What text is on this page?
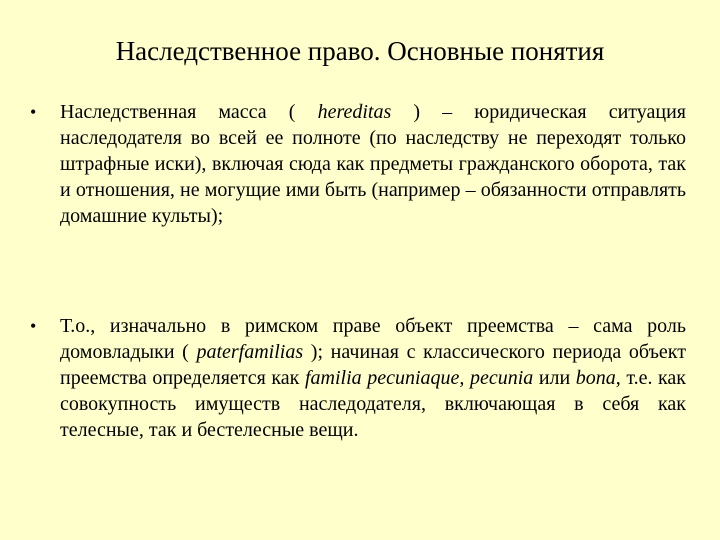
Наследственное право. Основные понятия
•	Наследственная масса ( hereditas ) – юридическая ситуация наследодателя во всей ее полноте (по наследству не переходят только штрафные иски), включая сюда как предметы гражданского оборота, так и отношения, не могущие ими быть (например – обязанности отправлять домашние культы);
•	Т.о., изначально в римском праве объект преемства – сама роль домовладыки ( paterfamilias ); начиная с классического периода объект преемства определяется как familia pecuniaque, pecunia или bona, т.е. как совокупность имуществ наследодателя, включающая в себя как телесные, так и бестелесные вещи.
